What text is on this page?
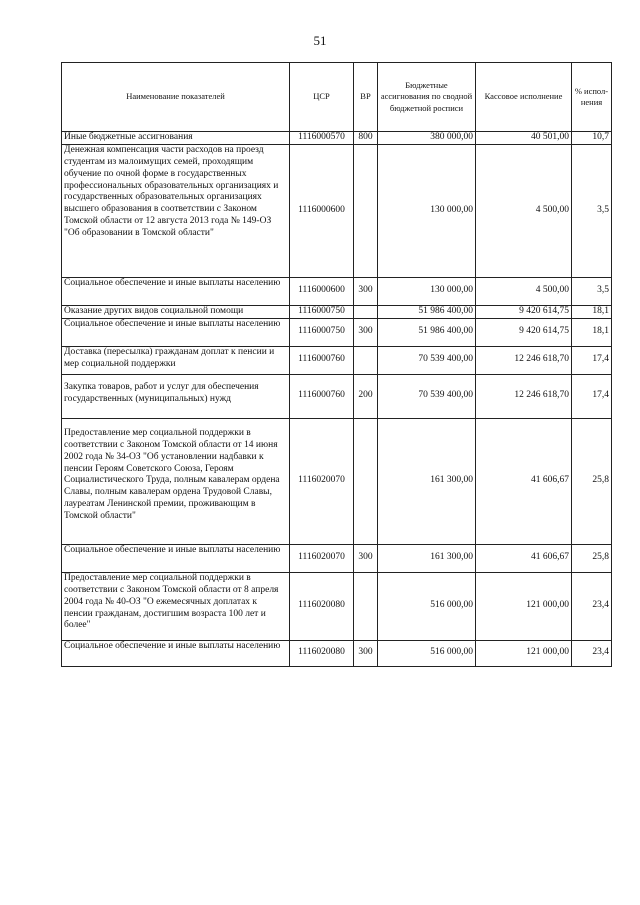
51
Наименование показателей	ЦСР	ВР	Бюджетные ассигнования по сводной бюджетной росписи	Кассовое исполнение	% испол-нения
Иные бюджетные ассигнования	1116000570	800	380 000,00	40 501,00	10,7
Денежная компенсация части расходов на проезд студентам из малоимущих семей, проходящим обучение по очной форме в государственных профессиональных образовательных организациях и государственных образовательных организациях высшего образования в соответствии с Законом Томской области от 12 августа 2013 года № 149-ОЗ "Об образовании в Томской области"	1116000600		130 000,00	4 500,00	3,5
Социальное обеспечение и иные выплаты населению	1116000600	300	130 000,00	4 500,00	3,5
Оказание других видов социальной помощи	1116000750		51 986 400,00	9 420 614,75	18,1
Социальное обеспечение и иные выплаты населению	1116000750	300	51 986 400,00	9 420 614,75	18,1
Доставка (пересылка) гражданам доплат к пенсии и мер социальной поддержки	1116000760		70 539 400,00	12 246 618,70	17,4
Закупка товаров, работ и услуг для обеспечения государственных (муниципальных) нужд	1116000760	200	70 539 400,00	12 246 618,70	17,4
Предоставление мер социальной поддержки в соответствии с Законом Томской области от 14 июня 2002 года № 34-ОЗ "Об установлении надбавки к пенсии Героям Советского Союза, Героям Социалистического Труда, полным кавалерам ордена Славы, полным кавалерам ордена Трудовой Славы, лауреатам Ленинской премии, проживающим в Томской области"	1116020070		161 300,00	41 606,67	25,8
Социальное обеспечение и иные выплаты населению	1116020070	300	161 300,00	41 606,67	25,8
Предоставление мер социальной поддержки в соответствии с Законом Томской области от 8 апреля 2004 года № 40-ОЗ "О ежемесячных доплатах к пенсии гражданам, достигшим возраста 100 лет и более"	1116020080		516 000,00	121 000,00	23,4
Социальное обеспечение и иные выплаты населению	1116020080	300	516 000,00	121 000,00	23,4
